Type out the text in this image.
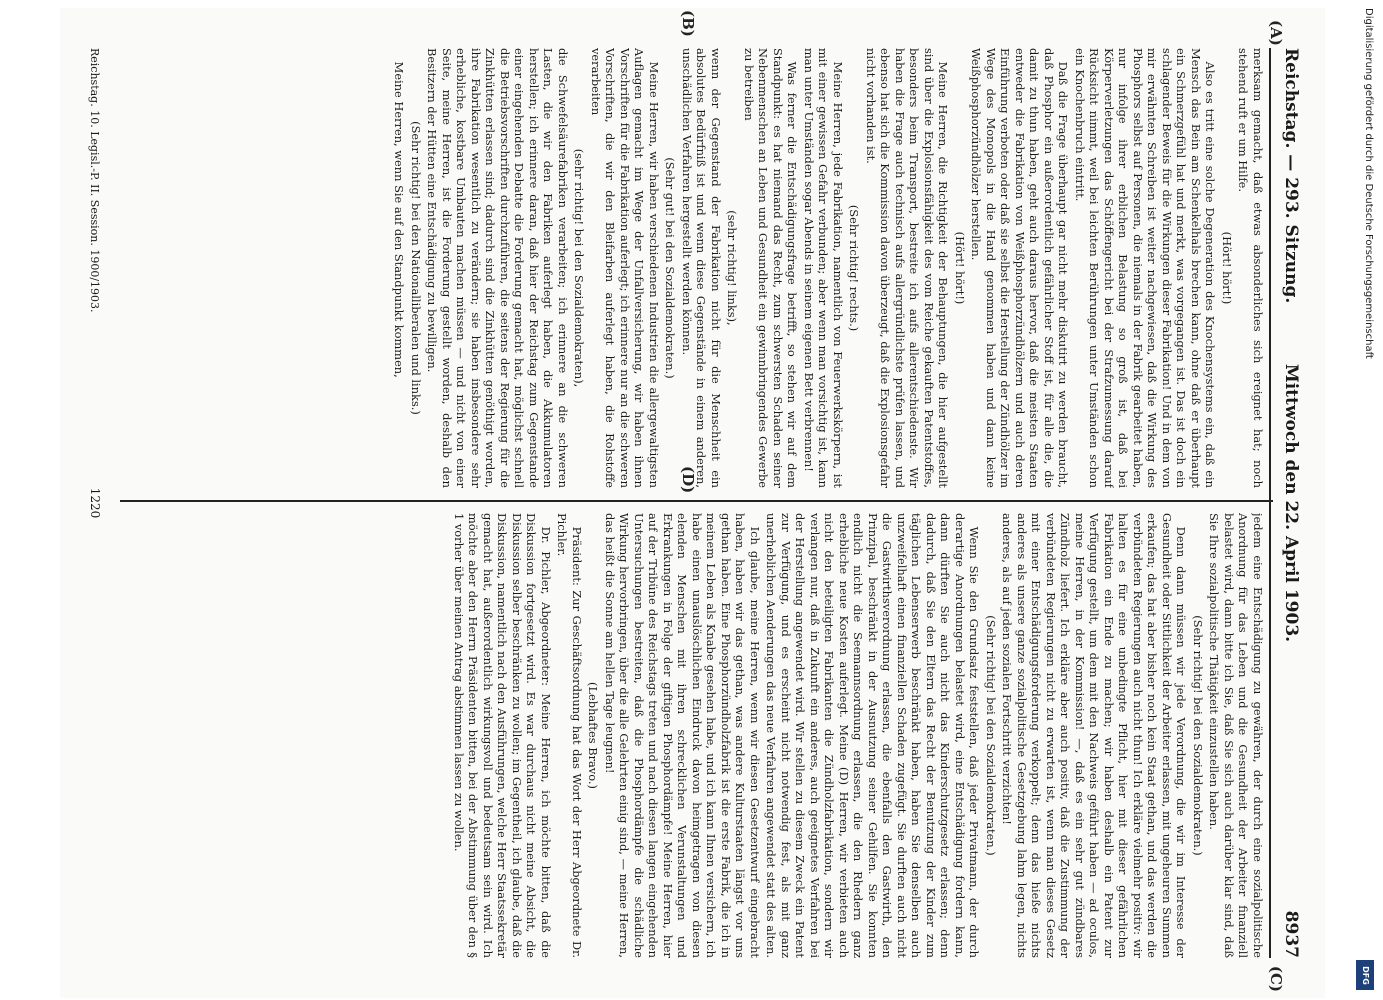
(A)
(B)
(C)
(D)
Reichstag. — 293. Sitzung.
Mittwoch den 22. April 1903.
8937

merksam gemacht, daß etwas absonderliches sich ereignet hat; noch stehend ruft er um Hilfe.

(Hört! hört!)

Also es tritt eine solche Degeneration des Knochensystems ein, daß ein Mensch das Bein am Schenkelhals brechen kann, ohne daß er überhaupt ein Schmerzgefühl hat und merkt, was vorgegangen ist. Das ist doch ein schlagender Beweis für die Wirkungen dieser Fabrikation! Und in dem von mir erwähnten Schreiben ist weiter nachgewiesen, daß die Wirkung des Phosphors selbst auf Personen, die niemals in der Fabrik gearbeitet haben, nur infolge ihrer erblichen Belastung so groß ist, daß bei Körperverletzungen das Schöffengericht bei der Strafzumessung darauf Rücksicht nimmt, weil bei leichten Berührungen unter Umständen schon ein Knochenbruch eintritt.

Daß die Frage überhaupt gar nicht mehr diskutirt zu werden braucht, daß Phosphor ein außerordentlich gefährlicher Stoff ist, für alle die, die damit zu thun haben, geht auch daraus hervor, daß die meisten Staaten entweder die Fabrikation von Weißphosphorzündhölzern und auch deren Einführung verboten oder daß sie selbst die Herstellung der Zündhölzer im Wege des Monopols in die Hand genommen haben und dann keine Weißphosphorzündhölzer herstellen.

(Hört! hört!)

Meine Herren, die Richtigkeit der Behauptungen, die hier aufgestellt sind über die Explosionsfähigkeit des vom Reiche gekauften Patentstoffes, besonders beim Transport, bestreite ich aufs allerentschiedenste. Wir haben die Frage auch technisch aufs allergründlichste prüfen lassen, und ebenso hat sich die Kommission davon überzeugt, daß die Explosionsgefahr nicht vorhanden ist.

(Sehr richtig! rechts.)

Meine Herren, jede Fabrikation, namentlich von Feuerwerkskörpern, ist mit einer gewissen Gefahr verbunden; aber wenn man vorsichtig ist, kann man unter Umständen sogar Abends in seinem eigenen Bett verbrennen!

Was ferner die Entschädigungsfrage betrifft, so stehen wir auf dem Standpunkt: es hat niemand das Recht, zum schwersten Schaden seiner Nebenmenschen an Leben und Gesundheit ein gewinnbringendes Gewerbe zu betreiben

(sehr richtig! links),

wenn der Gegenstand der Fabrikation nicht für die Menschheit ein absolutes Bedürfniß ist und wenn diese Gegenstände in einem anderen, unschädlichen Verfahren hergestellt werden können.

(Sehr gut! bei den Sozialdemokraten.)

Meine Herren, wir haben verschiedenen Industrien die allergewaltigsten Auflagen gemacht im Wege der Unfallversicherung, wir haben ihnen Vorschriften für die Fabrikation auferlegt; ich erinnere nur an die schweren Vorschriften, die wir den Bleifarben auferlegt haben, die Rohstoffe verarbeiten

(sehr richtig! bei den Sozialdemokraten),

die Schwefelsäurefabriken verarbeiten; ich erinnere an die schweren Lasten, die wir den Fabriken auferlegt haben, die Akkumulatoren herstellen; ich erinnere daran, daß hier der Reichstag zum Gegenstande einer eingehenden Debatte die Forderung gemacht hat, möglichst schnell die Betriebsvorschriften durchzuführen, die seitens der Regierung für die Zinkhütten erlassen sind; dadurch sind die Zinkhütten genöthigt worden, ihre Fabrikation wesentlich zu verändern; sie haben insbesondere sehr erhebliche, kostbare Umbauten machen müssen — und nicht von einer Seite, meine Herren, ist die Forderung gestellt worden, deshalb den Besitzern der Hütten eine Entschädigung zu bewilligen.

(Sehr richtig! bei den Nationalliberalen und links.)

Meine Herren, wenn Sie auf den Standpunkt kommen,

jedem eine Entschädigung zu gewähren, der durch eine sozialpolitische Anordnung für das Leben und die Gesundheit der Arbeiter finanziell belastet wird, dann bitte ich Sie, daß Sie sich auch darüber klar sind, daß Sie Ihre sozialpolitische Thätigkeit einzustellen haben.

(Sehr richtig! bei den Sozialdemokraten.)

Denn dann müssen wir jede Verordnung, die wir im Interesse der Gesundheit oder Sittlichkeit der Arbeiter erlassen, mit ungeheuren Summen erkaufen; das hat aber bisher noch kein Staat gethan, und das werden die verbündeten Regierungen auch nicht thun! Ich erkläre vielmehr positiv: wir halten es für eine unbedingte Pflicht, hier mit dieser gefährlichen Fabrikation ein Ende zu machen; wir haben deshalb ein Patent zur Verfügung gestellt, um dem mit den Nachweis geführt haben — ad oculos, meine Herren, in der Kommission! —, daß es ein sehr gut zündbares Zündholz liefert. Ich erkläre aber auch positiv, daß die Zustimmung der verbündeten Regierungen nicht zu erwarten ist, wenn man dieses Gesetz mit einer Entschädigungsforderung verkoppelt; denn das hieße nichts anderes als unsere ganze sozialpolitische Gesetzgebung lahm legen, nichts anderes, als auf jeden sozialen Fortschritt verzichten!

(Sehr richtig! bei den Sozialdemokraten.)

Wenn Sie den Grundsatz feststellen, daß jeder Privatmann, der durch derartige Anordnungen belastet wird, eine Entschädigung fordern kann, dann dürften Sie auch nicht das Kinderschutzgesetz erlassen; denn dadurch, daß Sie den Eltern das Recht der Benutzung der Kinder zum täglichen Lebenserwerb beschränkt haben, haben Sie denselben auch unzweifelhaft einen finanziellen Schaden zugefügt. Sie durften auch nicht die Gastwirthsverordnung erlassen, die ebenfalls den Gastwirth, den Prinzipal, beschränkt in der Ausnutzung seiner Gehilfen. Sie konnten endlich nicht die Seemannsordnung erlassen, die den Rhedern ganz erhebliche neue Kosten auferlegt. Meine (D) Herren, wir verbieten auch nicht den beteiligten Fabrikanten die Zündholzfabrikation, sondern wir verlangen nur, daß in Zukunft ein anderes, auch geeignetes Verfahren bei der Herstellung angewendet wird. Wir stellen zu diesem Zweck ein Patent zur Verfügung, und es erscheint nicht notwendig fest, als mit ganz unerheblichen Aenderungen das neue Verfahren angewendet statt des alten.

Ich glaube, meine Herren, wenn wir diesen Gesetzentwurf eingebracht haben, haben wir das gethan, was andere Kulturstaaten längst vor uns gethan haben. Eine Phosphorzündholzfabrik ist die erste Fabrik, die ich in meinem Leben als Knabe gesehen habe, und ich kann Ihnen versichern, ich habe einen unauslöschlichen Eindruck davon heimgetragen von diesen elenden Menschen mit ihren schrecklichen Verunstaltungen und Erkrankungen in Folge der giftigen Phosphordämpfe! Meine Herren, hier auf der Tribüne des Reichstags treten und nach diesen langen eingehenden Untersuchungen bestreiten, daß die Phosphordämpfe die schädliche Wirkung hervorbringen, über die alle Gelehrten einig sind, — meine Herren, das heißt die Sonne am hellen Tage leugnen!

(Lebhaftes Bravo.)

Präsident: Zur Geschäftsordnung hat das Wort der Herr Abgeordnete Dr. Pichler.

Dr. Pichler, Abgeordneter: Meine Herren, ich möchte bitten, daß die Diskussion fortgesetzt wird. Es war durchaus nicht meine Absicht, die Diskussion selber beschränken zu wollen; im Gegentheil, ich glaube, daß die Diskussion, namentlich nach den Ausführungen, welche Herr Staatssekretär gemacht hat, außerordentlich wirkungsvoll und bedeutsam sein wird. Ich möchte aber den Herrn Präsidenten bitten, bei der Abstimmung über den § 1 vorher über meinen Antrag abstimmen lassen zu wollen.

Reichstag. 10. Legisl.-P. II. Session. 1900/1903.
1220
Digitalisierung gefördert durch die Deutsche Forschungsgemeinschaft
DFG
